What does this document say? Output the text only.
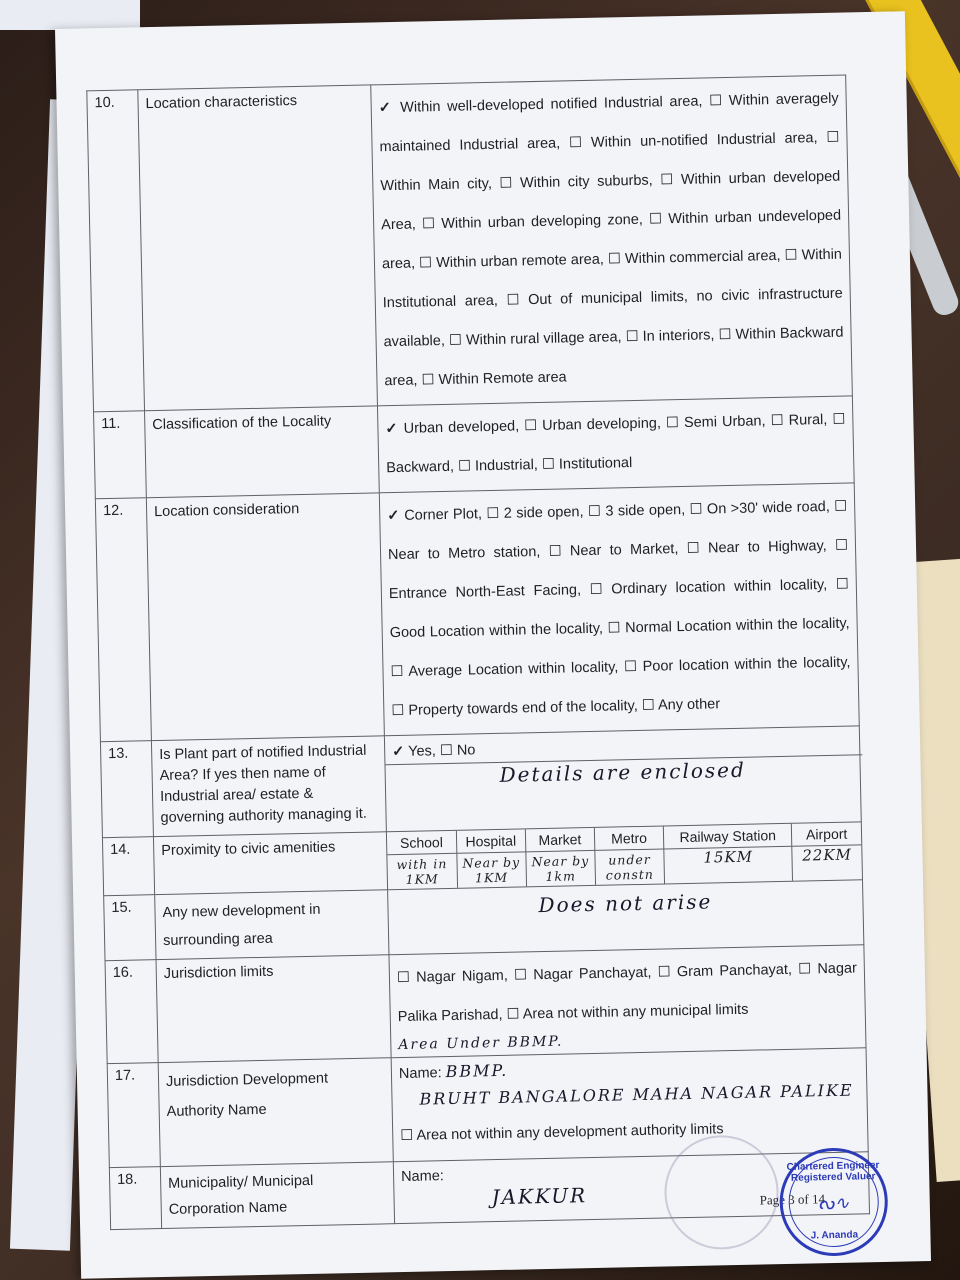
10.	Location characteristics	✓ Within well-developed notified Industrial area, ☐ Within averagely maintained Industrial area, ☐ Within un-notified Industrial area, ☐ Within Main city, ☐ Within city suburbs, ☐ Within urban developed Area, ☐ Within urban developing zone, ☐ Within urban undeveloped area, ☐ Within urban remote area, ☐ Within commercial area, ☐ Within Institutional area, ☐ Out of municipal limits, no civic infrastructure available, ☐ Within rural village area, ☐ In interiors, ☐ Within Backward area, ☐ Within Remote area
11.	Classification of the Locality	✓ Urban developed, ☐ Urban developing, ☐ Semi Urban, ☐ Rural, ☐ Backward, ☐ Industrial, ☐ Institutional
12.	Location consideration	✓ Corner Plot, ☐ 2 side open, ☐ 3 side open, ☐ On >30' wide road, ☐ Near to Metro station, ☐ Near to Market, ☐ Near to Highway, ☐ Entrance North-East Facing, ☐ Ordinary location within locality, ☐ Good Location within the locality, ☐ Normal Location within the locality, ☐ Average Location within locality, ☐ Poor location within the locality, ☐ Property towards end of the locality, ☐ Any other
13.	Is Plant part of notified Industrial Area? If yes then name of Industrial area/ estate & governing authority managing it.	
✓ Yes, ☐ No
Details are enclosed

14.	Proximity to civic amenities		School	Hospital	Market	Metro	Railway Station	Airport
with in 1KM	Near by 1KM	Near by 1km	under constn	15KM	22KM

15.	Any new development in surrounding area	
Does not arise

16.	Jurisdiction limits	☐ Nagar Nigam, ☐ Nagar Panchayat, ☐ Gram Panchayat, ☐ Nagar Palika Parishad, ☐ Area not within any municipal limits
Area Under BBMP.

17.	Jurisdiction Development Authority Name	
Name: BBMP.
BRUHT BANGALORE MAHA NAGAR PALIKE
☐ Area not within any development authority limits

18.	Municipality/ Municipal Corporation Name	
Name:
JAKKUR	Page 3 of 14
Chartered Engineer Registered Valuer
ᔓ∿
J. Ananda
